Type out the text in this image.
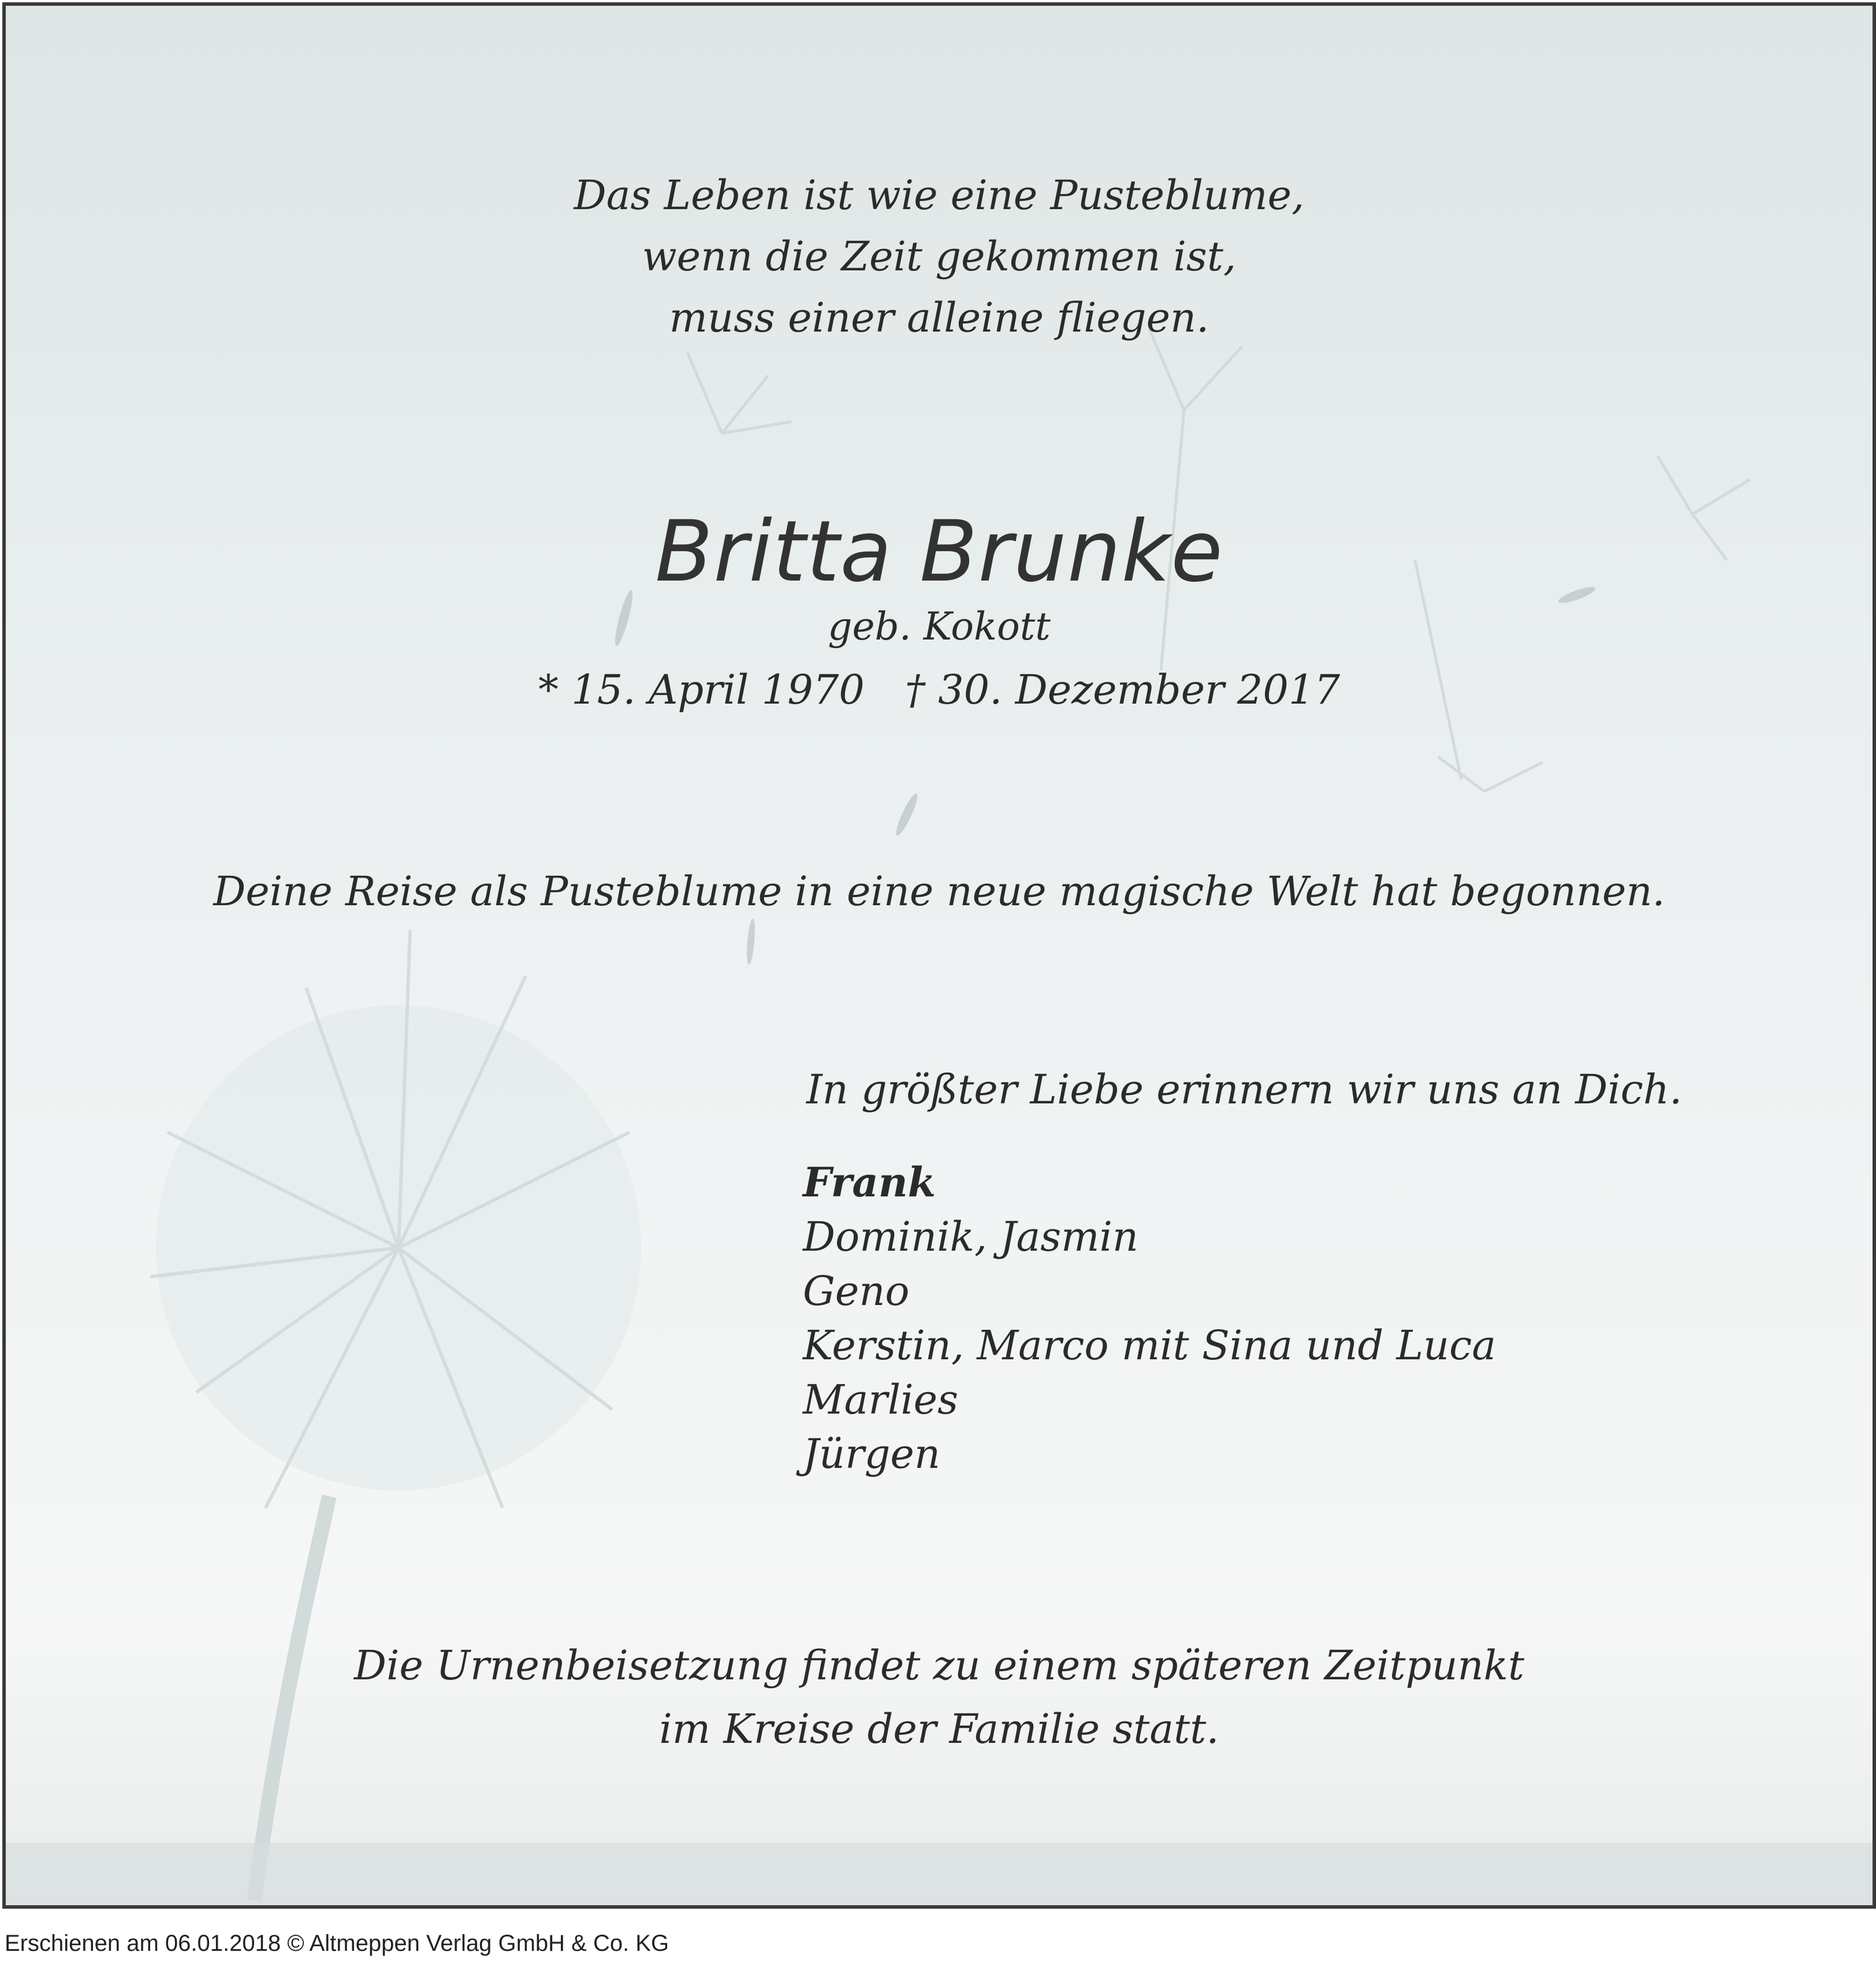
Das Leben ist wie eine Pusteblume,
wenn die Zeit gekommen ist,
muss einer alleine fliegen.
Britta Brunke
geb. Kokott
* 15. April 1970 † 30. Dezember 2017
Deine Reise als Pusteblume in eine neue magische Welt hat begonnen.
In größter Liebe erinnern wir uns an Dich.
Frank
Dominik, Jasmin
Geno
Kerstin, Marco mit Sina und Luca
Marlies
Jürgen
Die Urnenbeisetzung findet zu einem späteren Zeitpunkt
im Kreise der Familie statt.
Erschienen am 06.01.2018 © Altmeppen Verlag GmbH & Co. KG
